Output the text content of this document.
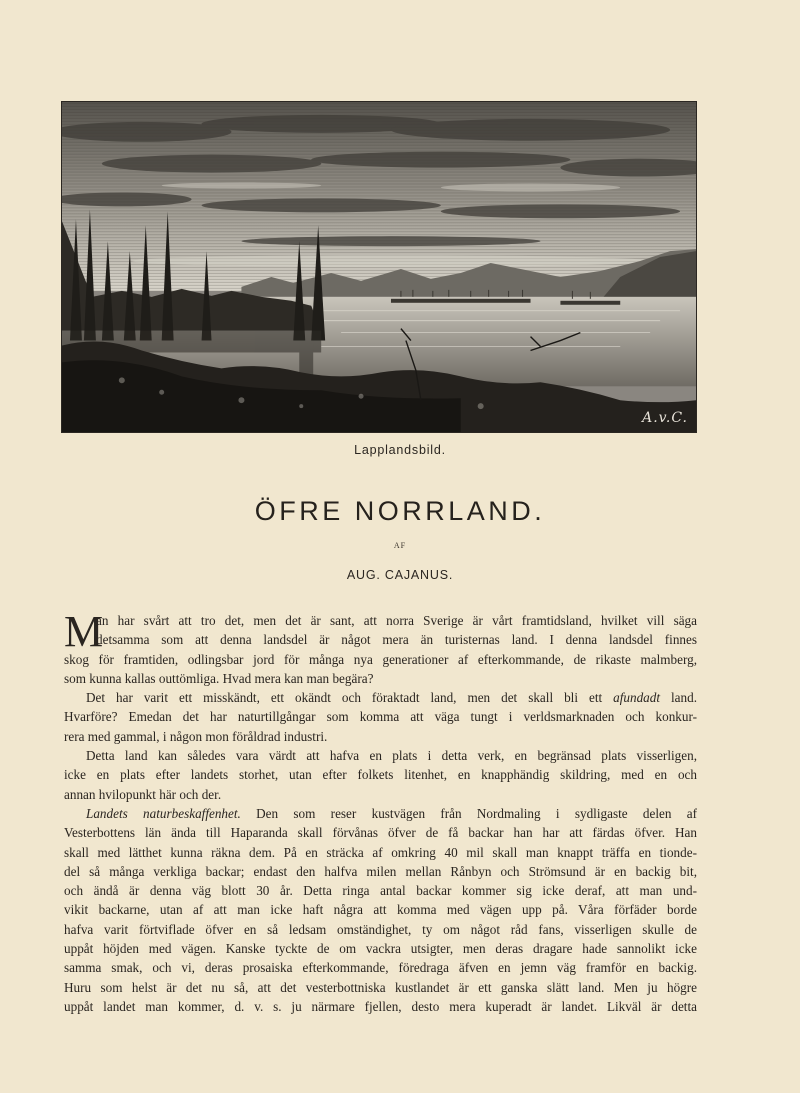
A.v.C.
Lapplandsbild.
ÖFRE NORRLAND.
AF
AUG. CAJANUS.
M
an har svårt att tro det, men det är sant, att norra Sverige är vårt framtidsland, hvilket vill säga
detsamma som att denna landsdel är något mera än turisternas land. I denna landsdel finnes
skog för framtiden, odlingsbar jord för många nya generationer af efterkommande, de rikaste malmberg,
som kunna kallas outtömliga. Hvad mera kan man begära?
Det har varit ett misskändt, ett okändt och föraktadt land, men det skall bli ett afundadt land.
Hvarföre? Emedan det har naturtillgångar som komma att väga tungt i verldsmarknaden och konkur-
rera med gammal, i någon mon föråldrad industri.
Detta land kan således vara värdt att hafva en plats i detta verk, en begränsad plats visserligen,
icke en plats efter landets storhet, utan efter folkets litenhet, en knapphändig skildring, med en och
annan hvilopunkt här och der.
Landets naturbeskaffenhet. Den som reser kustvägen från Nordmaling i sydligaste delen af
Vesterbottens län ända till Haparanda skall förvånas öfver de få backar han har att färdas öfver. Han
skall med lätthet kunna räkna dem. På en sträcka af omkring 40 mil skall man knappt träffa en tionde-
del så många verkliga backar; endast den halfva milen mellan Rånbyn och Strömsund är en backig bit,
och ändå är denna väg blott 30 år. Detta ringa antal backar kommer sig icke deraf, att man und-
vikit backarne, utan af att man icke haft några att komma med vägen upp på. Våra förfäder borde
hafva varit förtviflade öfver en så ledsam omständighet, ty om något råd fans, visserligen skulle de
uppåt höjden med vägen. Kanske tyckte de om vackra utsigter, men deras dragare hade sannolikt icke
samma smak, och vi, deras prosaiska efterkommande, föredraga äfven en jemn väg framför en backig.
Huru som helst är det nu så, att det vesterbottniska kustlandet är ett ganska slätt land. Men ju högre
uppåt landet man kommer, d. v. s. ju närmare fjellen, desto mera kuperadt är landet. Likväl är detta
